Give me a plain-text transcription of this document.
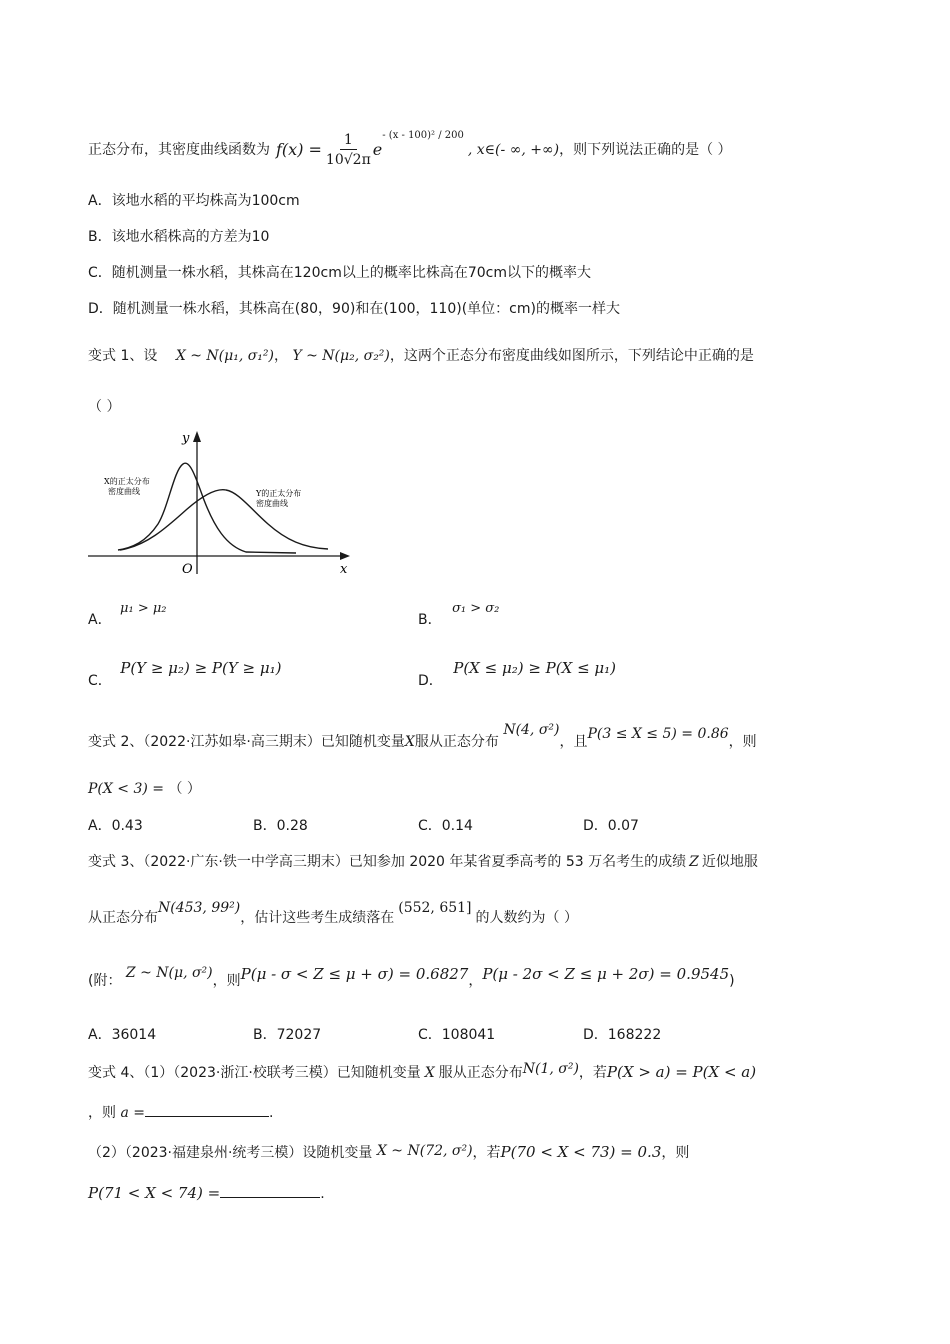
正态分布，其密度曲线函数为 $f(x) = \frac{1}{10√2\pi}$ e
- (x - 100)² / 200
, x∈(- ∞, +∞) ，则下列说法正确的是（ ）
A．该地水稻的平均株高为100cm
B．该地水稻株高的方差为10
C．随机测量一株水稻，其株高在120cm以上的概率比株高在70cm以下的概率大
D．随机测量一株水稻，其株高在(80，90)和在(100，110)(单位：cm)的概率一样大
变式 1、设 X ~ N(μ₁, σ₁²)， Y ~ N(μ₂, σ₂²)，这两个正态分布密度曲线如图所示，下列结论中正确的是
（ ）
y
x
O
X的正太分布
密度曲线	Y的正太分布
密度曲线
A． μ₁ > μ₂
B． σ₁ > σ₂
C． P(Y ≥ μ₂) ≥ P(Y ≥ μ₁)
D． P(X ≤ μ₂) ≥ P(X ≤ μ₁)
变式 2、（2022·江苏如皋·高三期末）已知随机变量X服从正态分布 N(4, σ²)，且P(3 ≤ X ≤ 5) = 0.86，则
P(X < 3) = （ ）
A．0.43	B．0.28	C．0.14	D．0.07
变式 3、（2022·广东·铁一中学高三期末）已知参加 2020 年某省夏季高考的 53 万名考生的成绩 Z 近似地服
从正态分布N(453, 99²)，估计这些考生成绩落在(552, 651]的人数约为（ ）
(附： Z ~ N(μ, σ²)，则P(μ - σ < Z ≤ μ + σ) = 0.6827，P(μ - 2σ < Z ≤ μ + 2σ) = 0.9545)
A．36014	B．72027	C．108041	D．168222
变式 4、（1）（2023·浙江·校联考三模）已知随机变量 X 服从正态分布N(1, σ²)，若P(X > a) = P(X < a)
，则 a =	.
（2）（2023·福建泉州·统考三模）设随机变量 X ~ N(72, σ²)，若P(70 < X < 73) = 0.3，则
P(71 < X < 74) =	.
